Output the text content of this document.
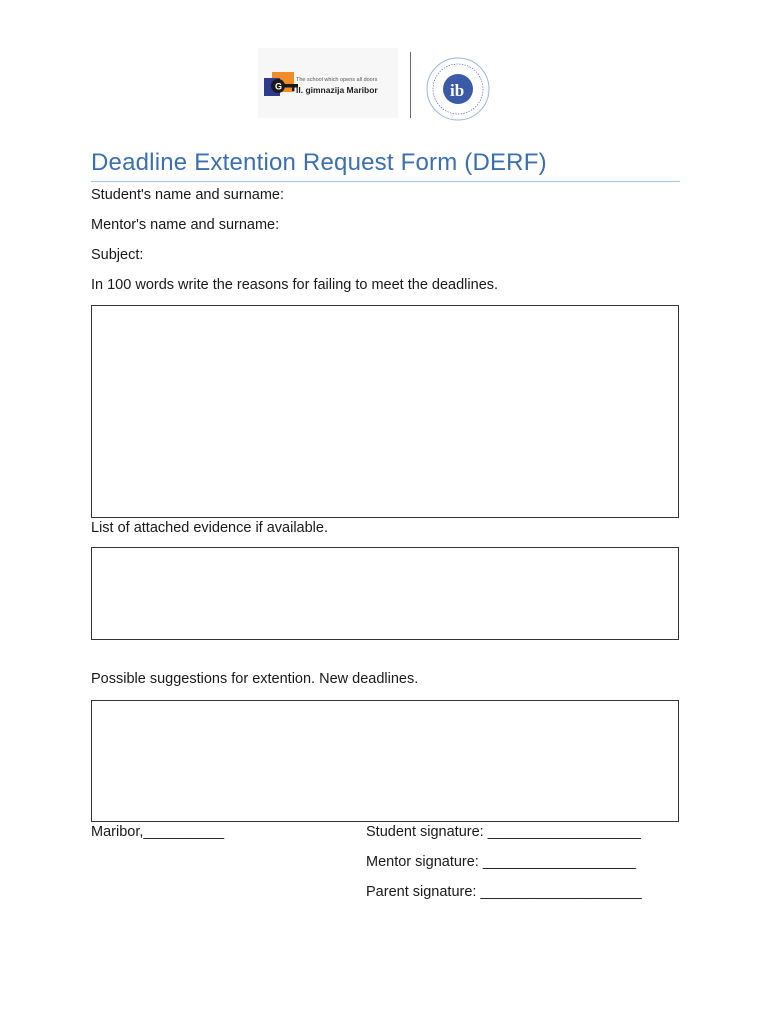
G
The school which opens all doors
II. gimnazija Maribor	ib
Deadline Extention Request Form (DERF)
Student's name and surname:
Mentor's name and surname:
Subject:
In 100 words write the reasons for failing to meet the deadlines.
List of attached evidence if available.
Possible suggestions for extention. New deadlines.
Maribor,__________	Student signature: ___________________
Mentor signature: ___________________
Parent signature: ____________________
